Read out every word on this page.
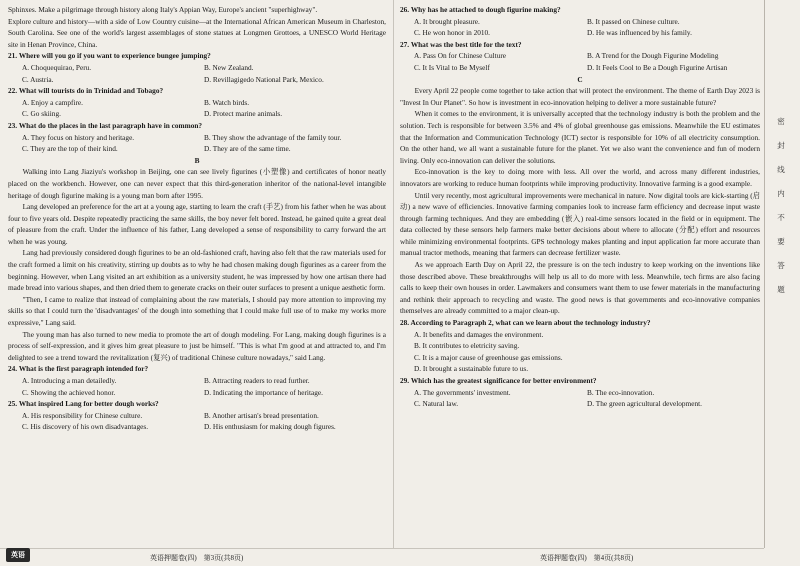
密
封
线
内
不
要
答
题

Sphinxes. Make a pilgrimage through history along Italy's Appian Way, Europe's ancient "superhighway".

Explore culture and history—with a side of Low Country cuisine—at the International African American Museum in Charleston, South Carolina. See one of the world's largest assemblages of stone statues at Longmen Grottoes, a UNESCO World Heritage site in Henan Province, China.

21. Where will you go if you want to experience bungee jumping?

A. Choquequirao, Peru.	B. New Zealand.
C. Austria.	D. Revillagigedo National Park, Mexico.

22. What will tourists do in Trinidad and Tobago?

A. Enjoy a campfire.	B. Watch birds.
C. Go skiing.	D. Protect marine animals.

23. What do the places in the last paragraph have in common?

A. They focus on history and heritage.	B. They show the advantage of the family tour.
C. They are the top of their kind.	D. They are of the same time.

B

Walking into Lang Jiaziyu's workshop in Beijing, one can see lively figurines (小塑像) and certificates of honor neatly placed on the workbench. However, one can never expect that this third-generation inheritor of the national-level intangible heritage of dough figurine making is a young man born after 1995.

Lang developed an preference for the art at a young age, starting to learn the craft (手艺) from his father when he was about four to five years old. Despite repeatedly practicing the same skills, the boy never felt bored. Instead, he gained quite a great deal of pleasure from the craft. Under the influence of his father, Lang developed a sense of responsibility to carry forward the art when he was young.

Lang had previously considered dough figurines to be an old-fashioned craft, having also felt that the raw materials used for the craft formed a limit on his creativity, stirring up doubts as to why he had chosen making dough figurines as a career from the beginning. However, when Lang visited an art exhibition as a university student, he was impressed by how one artisan there had made bread into various shapes, and then dried them to generate cracks on their outer surfaces to present a unique aesthetic form.

"Then, I came to realize that instead of complaining about the raw materials, I should pay more attention to improving my skills so that I could turn the 'disadvantages' of the dough into something that I could make full use of to make my works more expressive," Lang said.

The young man has also turned to new media to promote the art of dough modeling. For Lang, making dough figurines is a process of self-expression, and it gives him great pleasure to just be himself. "This is what I'm good at and attracted to, and I'm delighted to see a trend toward the revitalization (复兴) of traditional Chinese culture nowadays," said Lang.

24. What is the first paragraph intended for?

A. Introducing a man detailedly.	B. Attracting readers to read further.
C. Showing the achieved honor.	D. Indicating the importance of heritage.

25. What inspired Lang for better dough works?

A. His responsibility for Chinese culture.	B. Another artisan's bread presentation.
C. His discovery of his own disadvantages.	D. His enthusiasm for making dough figures.

26. Why has he attached to dough figurine making?

A. It brought pleasure.	B. It passed on Chinese culture.
C. He won honor in 2010.	D. He was influenced by his family.

27. What was the best title for the text?

A. Pass On for Chinese Culture	B. A Trend for the Dough Figurine Modeling
C. It Is Vital to Be Myself	D. It Feels Cool to Be a Dough Figurine Artisan

C

Every April 22 people come together to take action that will protect the environment. The theme of Earth Day 2023 is "Invest In Our Planet". So how is investment in eco-innovation helping to deliver a more sustainable future?

When it comes to the environment, it is universally accepted that the technology industry is both the problem and the solution. Tech is responsible for between 3.5% and 4% of global greenhouse gas emissions. Meanwhile the EU estimates that the Information and Communication Technology (ICT) sector is responsible for 10% of all electricity consumption. On the other hand, we all want a sustainable future for the planet. Yet we also want the convenience and fun of modern living. Only eco-innovation can deliver the solutions.

Eco-innovation is the key to doing more with less. All over the world, and across many different industries, innovators are working to reduce human footprints while improving productivity. Innovative farming is a good example.

Until very recently, most agricultural improvements were mechanical in nature. Now digital tools are kick-starting (启动) a new wave of efficiencies. Innovative farming companies look to increase farm efficiency and decrease input waste through farming techniques. And they are embedding (嵌入) real-time sensors located in the field or in equipment. The data collected by these sensors help farmers make better decisions about where to allocate (分配) effort and resources while minimizing environmental footprints. GPS technology makes planting and input application far more accurate than manual tractor methods, meaning that farmers can decrease fertilizer waste.

As we approach Earth Day on April 22, the pressure is on the tech industry to keep working on the inventions like those described above. These breakthroughs will help us all to do more with less. Meanwhile, tech firms are also facing calls to keep their own houses in order. Lawmakers and consumers want them to use fewer materials in the manufacturing and rethink their approach to recycling and waste. The good news is that governments and eco-innovative companies themselves are already committed to a major clean-up.

28. According to Paragraph 2, what can we learn about the technology industry?

A. It benefits and damages the environment.
B. It contributes to eletricity saving.
C. It is a major cause of greenhouse gas emissions.
D. It brought a sustainable future to us.

29. Which has the greatest significance for better environment?

A. The governments' investment.	B. The eco-innovation.
C. Natural law.	D. The green agricultural development.
英语	英语押题卷(四)　第3页(共8页)	英语押题卷(四)　第4页(共8页)
